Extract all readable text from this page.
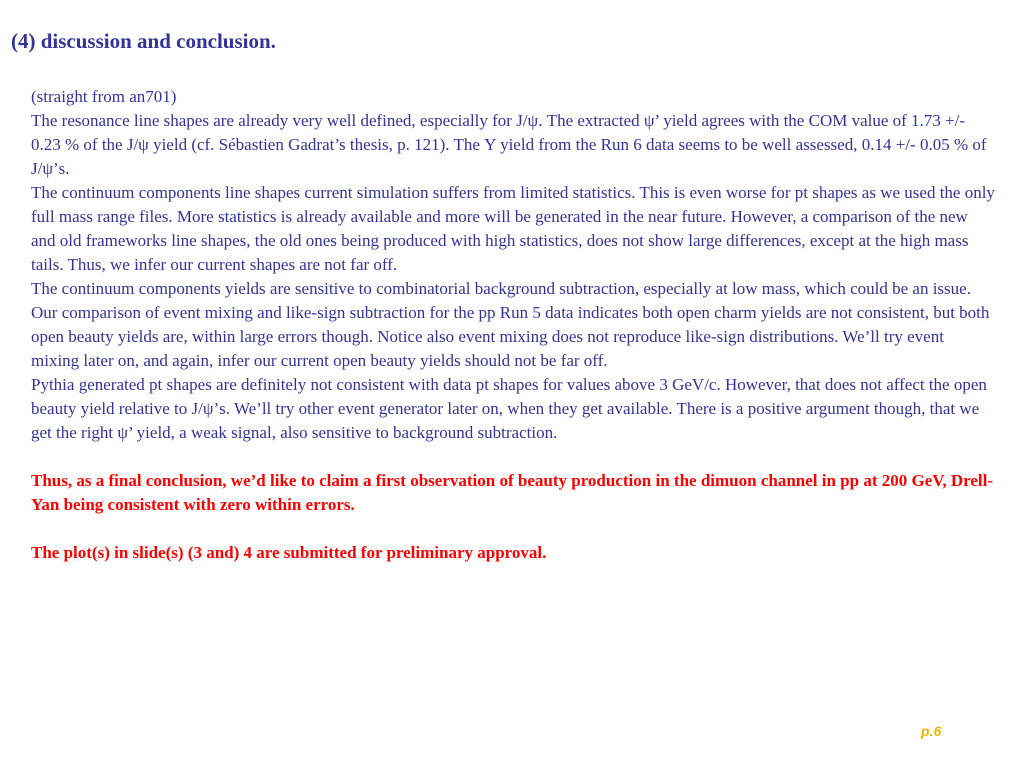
(4) discussion and conclusion.

(straight from an701)

The resonance line shapes are already very well defined, especially for J/ψ. The extracted ψ’ yield agrees with the COM value of 1.73 +/- 0.23 % of the J/ψ yield (cf. Sébastien Gadrat’s thesis, p. 121). The Υ yield from the Run 6 data seems to be well assessed, 0.14 +/- 0.05 % of J/ψ’s.

The continuum components line shapes current simulation suffers from limited statistics. This is even worse for pt shapes as we used the only full mass range files. More statistics is already available and more will be generated in the near future. However, a comparison of the new and old frameworks line shapes, the old ones being produced with high statistics, does not show large differences, except at the high mass tails. Thus, we infer our current shapes are not far off.

The continuum components yields are sensitive to combinatorial background subtraction, especially at low mass, which could be an issue. Our comparison of event mixing and like-sign subtraction for the pp Run 5 data indicates both open charm yields are not consistent, but both open beauty yields are, within large errors though. Notice also event mixing does not reproduce like-sign distributions. We’ll try event mixing later on, and again, infer our current open beauty yields should not be far off.

Pythia generated pt shapes are definitely not consistent with data pt shapes for values above 3 GeV/c. However, that does not affect the open beauty yield relative to J/ψ’s. We’ll try other event generator later on, when they get available. There is a positive argument though, that we get the right ψ’ yield, a weak signal, also sensitive to background subtraction.

Thus, as a final conclusion, we’d like to claim a first observation of beauty production in the dimuon channel in pp at 200 GeV, Drell-Yan being consistent with zero within errors.

The plot(s) in slide(s) (3 and) 4 are submitted for preliminary approval.

p.6
